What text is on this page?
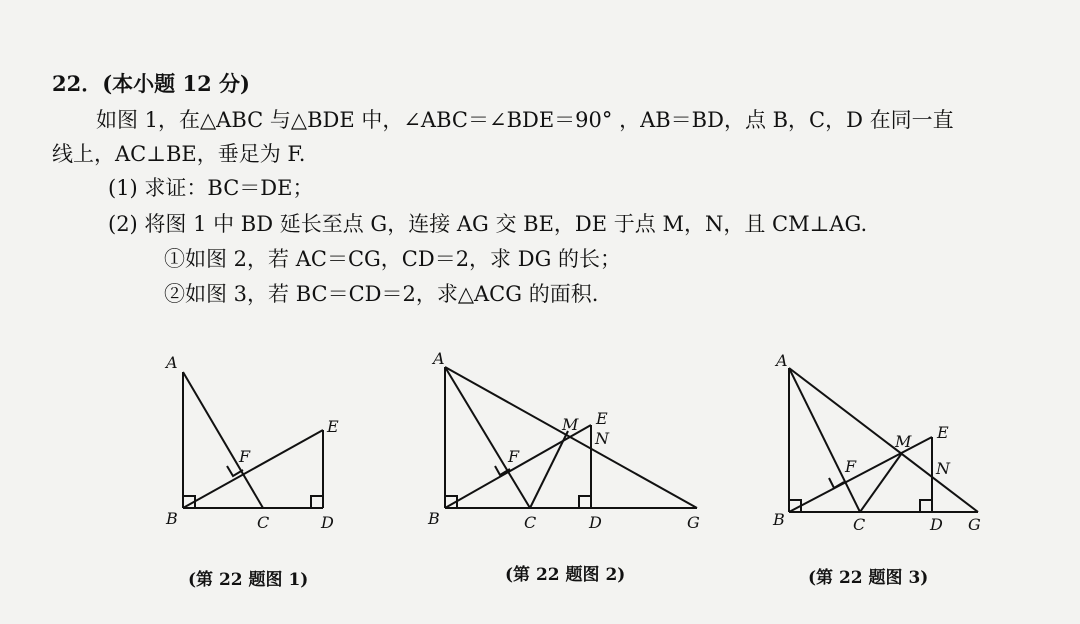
22．(本小题 12 分)
如图 1，在△ABC 与△BDE 中，∠ABC＝∠BDE＝90° ，AB＝BD，点 B，C，D 在同一直
线上，AC⊥BE，垂足为 F.
(1) 求证：BC＝DE；
(2) 将图 1 中 BD 延长至点 G，连接 AG 交 BE，DE 于点 M，N，且 CM⊥AG.
①如图 2，若 AC＝CG，CD＝2，求 DG 的长；
②如图 3，若 BC＝CD＝2，求△ACG 的面积.
A
B	C	D
E
F
(第 22 题图 1)
A
B	C	D
E
F
G
M
N
(第 22 题图 2)
A
B	C	D
E
F
G
M
N
(第 22 题图 3)
